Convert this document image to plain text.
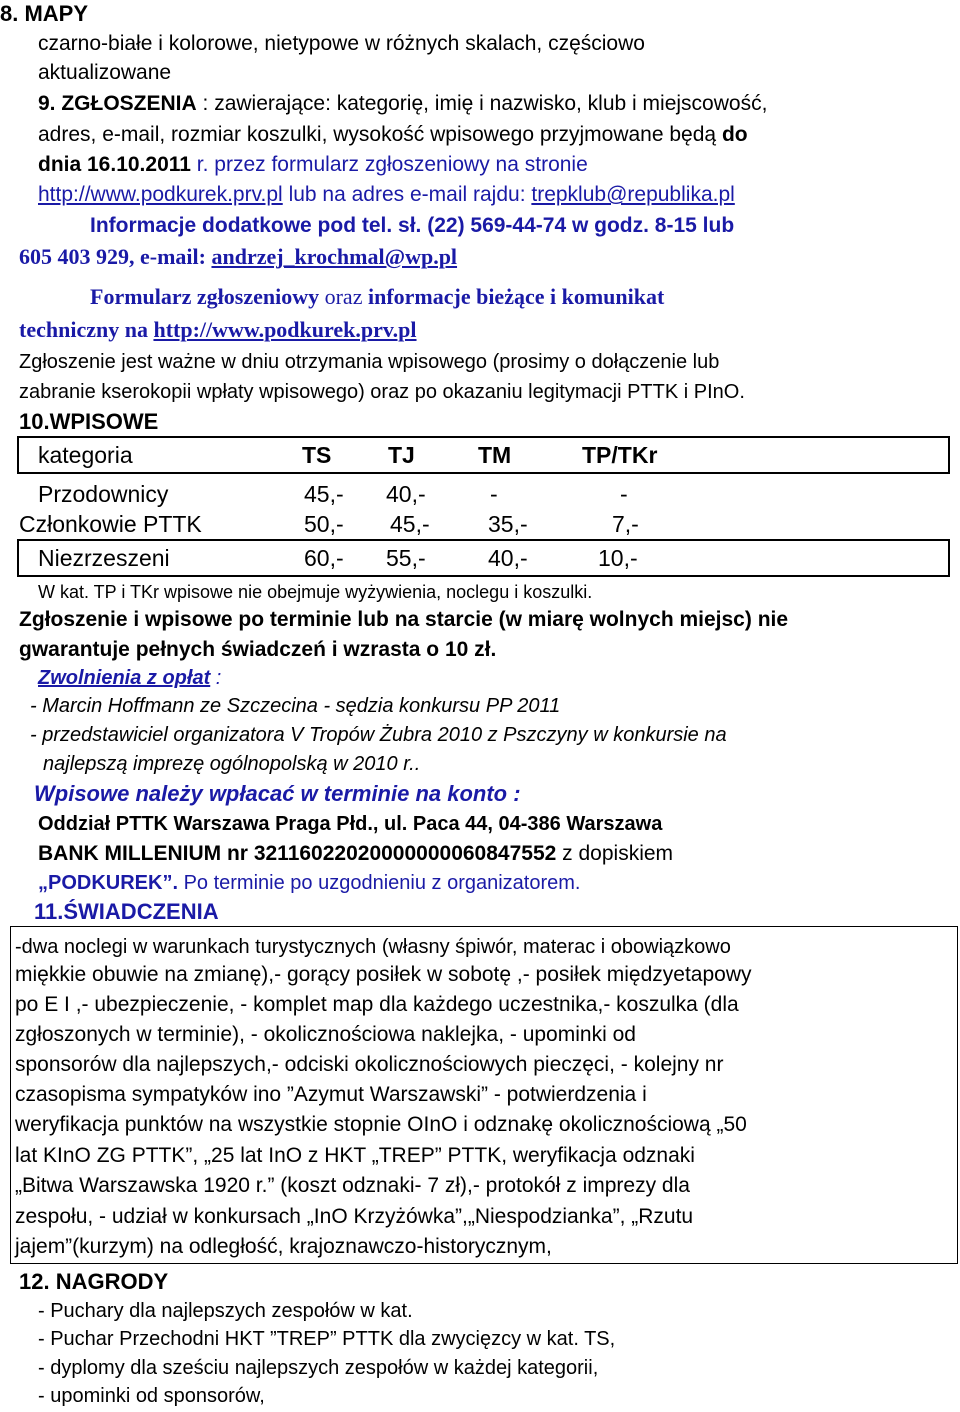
8. MAPY
czarno-białe i kolorowe, nietypowe w różnych skalach, częściowo
aktualizowane
9. ZGŁOSZENIA : zawierające: kategorię, imię i nazwisko, klub i miejscowość,
adres, e-mail, rozmiar koszulki, wysokość wpisowego przyjmowane będą do
dnia 16.10.2011 r. przez formularz zgłoszeniowy na stronie
http://www.podkurek.prv.pl lub na adres e-mail rajdu: trepklub@republika.pl
Informacje dodatkowe pod tel. sł. (22) 569-44-74 w godz. 8-15 lub
605 403 929, e-mail: andrzej_krochmal@wp.pl
Formularz zgłoszeniowy oraz informacje bieżące i komunikat
techniczny na http://www.podkurek.prv.pl
Zgłoszenie jest ważne w dniu otrzymania wpisowego (prosimy o dołączenie lub
zabranie kserokopii wpłaty wpisowego) oraz po okazaniu legitymacji PTTK i PInO.
10.WPISOWE
kategoria	TS TJ	TM	TP/TKr
Przodownicy	45,- 40,-	-	-
Członkowie PTTK	50,- 45,-	35,-	7,-
Niezrzeszeni	60,- 55,-	40,-	10,-
W kat. TP i TKr wpisowe nie obejmuje wyżywienia, noclegu i koszulki.
Zgłoszenie i wpisowe po terminie lub na starcie (w miarę wolnych miejsc) nie
gwarantuje pełnych świadczeń i wzrasta o 10 zł.
Zwolnienia z opłat :
- Marcin Hoffmann ze Szczecina - sędzia konkursu PP 2011
- przedstawiciel organizatora V Tropów Żubra 2010 z Pszczyny w konkursie na
najlepszą imprezę ogólnopolską w 2010 r..
Wpisowe należy wpłacać w terminie na konto :
Oddział PTTK Warszawa Praga Płd., ul. Paca 44, 04-386 Warszawa
BANK MILLENIUM nr 32116022020000000060847552 z dopiskiem
„PODKUREK”. Po terminie po uzgodnieniu z organizatorem.
11.ŚWIADCZENIA
-dwa noclegi w warunkach turystycznych (własny śpiwór, materac i obowiązkowo
miękkie obuwie na zmianę),- gorący posiłek w sobotę ,- posiłek międzyetapowy
po E I ,- ubezpieczenie, - komplet map dla każdego uczestnika,- koszulka (dla
zgłoszonych w terminie), - okolicznościowa naklejka, - upominki od
sponsorów dla najlepszych,- odciski okolicznościowych pieczęci, - kolejny nr
czasopisma sympatyków ino ”Azymut Warszawski” - potwierdzenia i
weryfikacja punktów na wszystkie stopnie OInO i odznakę okolicznościową „50
lat KInO ZG PTTK”, „25 lat InO z HKT „TREP” PTTK, weryfikacja odznaki
„Bitwa Warszawska 1920 r.” (koszt odznaki- 7 zł),- protokół z imprezy dla
zespołu, - udział w konkursach „InO Krzyżówka”,„Niespodzianka”, „Rzutu
jajem”(kurzym) na odległość, krajoznawczo-historycznym,
12. NAGRODY
- Puchary dla najlepszych zespołów w kat.
- Puchar Przechodni HKT ”TREP” PTTK dla zwycięzcy w kat. TS,
- dyplomy dla sześciu najlepszych zespołów w każdej kategorii,
- upominki od sponsorów,
